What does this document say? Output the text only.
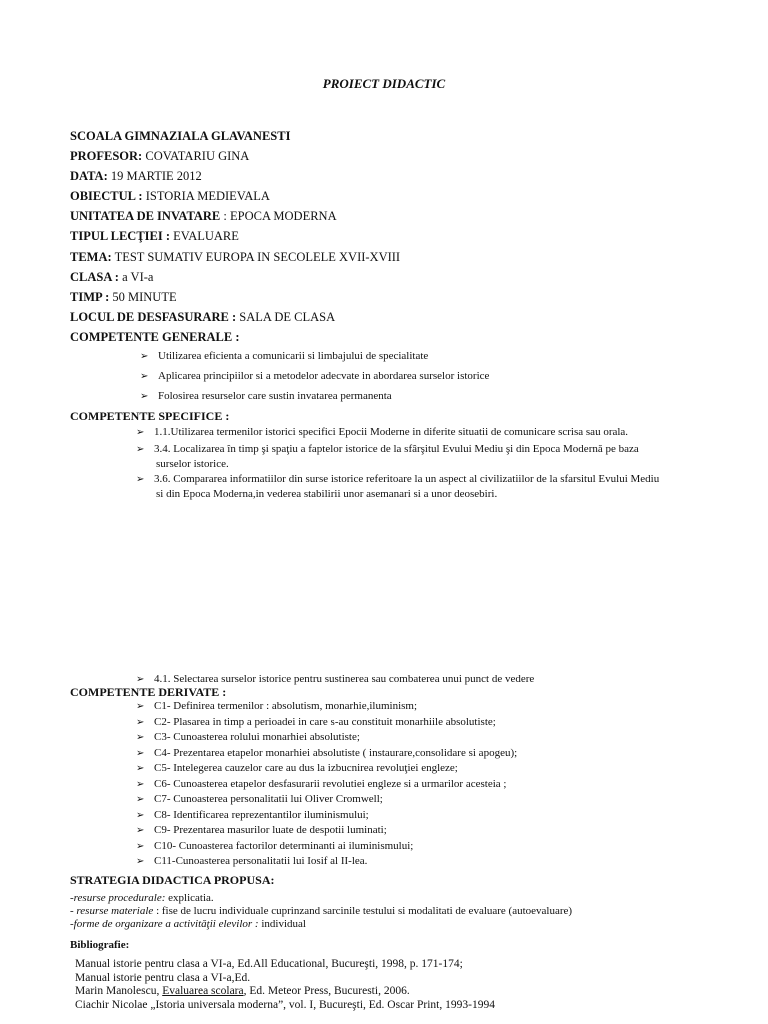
PROIECT DIDACTIC
SCOALA GIMNAZIALA GLAVANESTI
PROFESOR: COVATARIU GINA
DATA: 19 MARTIE 2012
OBIECTUL : ISTORIA MEDIEVALA
UNITATEA DE INVATARE : EPOCA MODERNA
TIPUL LECŢIEI : EVALUARE
TEMA: TEST SUMATIV EUROPA IN SECOLELE XVII-XVIII
CLASA : a VI-a
TIMP : 50 MINUTE
LOCUL DE DESFASURARE : SALA DE CLASA
COMPETENTE GENERALE :
➢ Utilizarea eficienta a comunicarii si limbajului de specialitate
➢ Aplicarea principiilor si a metodelor adecvate in abordarea surselor istorice
➢ Folosirea resurselor care sustin invatarea permanenta
COMPETENTE SPECIFICE :
➢ 1.1.Utilizarea termenilor istorici specifici Epocii Moderne in diferite situatii de comunicare scrisa sau orala.
➢ 3.4. Localizarea în timp şi spaţiu a faptelor istorice de la sfârşitul Evului Mediu şi din Epoca Modernă pe baza
surselor istorice.
➢ 3.6. Compararea informatiilor din surse istorice referitoare la un aspect al civilizatiilor de la sfarsitul Evului Mediu
si din Epoca Moderna,in vederea stabilirii unor asemanari si a unor deosebiri.
➢ 4.1. Selectarea surselor istorice pentru sustinerea sau combaterea unui punct de vedere
COMPETENTE DERIVATE :
➢ C1- Definirea termenilor : absolutism, monarhie,iluminism;
➢ C2- Plasarea in timp a perioadei in care s-au constituit monarhiile absolutiste;
➢ C3- Cunoasterea rolului monarhiei absolutiste;
➢ C4- Prezentarea etapelor monarhiei absolutiste ( instaurare,consolidare si apogeu);
➢ C5- Intelegerea cauzelor care au dus la izbucnirea revoluţiei engleze;
➢ C6- Cunoasterea etapelor desfasurarii revolutiei engleze si a urmarilor acesteia ;
➢ C7- Cunoasterea personalitatii lui Oliver Cromwell;
➢ C8- Identificarea reprezentantilor iluminismului;
➢ C9- Prezentarea masurilor luate de despotii luminati;
➢ C10- Cunoasterea factorilor determinanti ai iluminismului;
➢ C11-Cunoasterea personalitatii lui Iosif al II-lea.
STRATEGIA DIDACTICA PROPUSA:
-resurse procedurale: explicatia.
- resurse materiale : fise de lucru individuale cuprinzand sarcinile testului si modalitati de evaluare (autoevaluare)
-forme de organizare a activităţii elevilor : individual
Bibliografie:
Manual istorie pentru clasa a VI-a, Ed.All Educational, Bucureşti, 1998, p. 171-174;
Manual istorie pentru clasa a VI-a,Ed.
Marin Manolescu, Evaluarea scolara, Ed. Meteor Press, Bucuresti, 2006.
Ciachir Nicolae „Istoria universala moderna”, vol. I, Bucureşti, Ed. Oscar Print, 1993-1994
